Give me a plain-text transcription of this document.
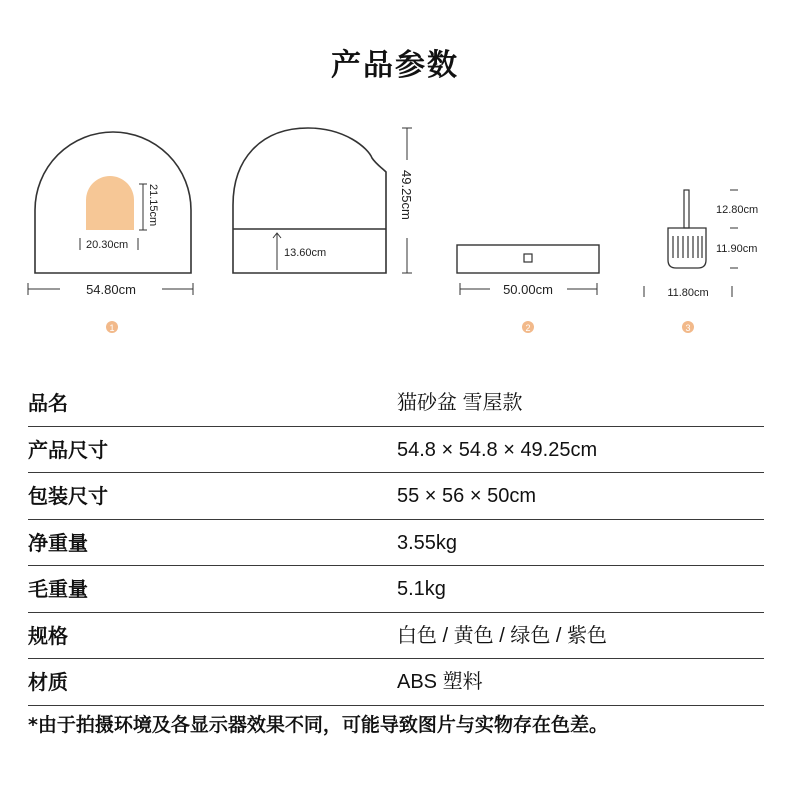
产品参数
21.15cm
20.30cm
54.80cm
1
13.60cm
49.25cm
50.00cm
2
12.80cm
11.90cm
11.80cm
3
品名	猫砂盆 雪屋款
产品尺寸	54.8 × 54.8 × 49.25cm
包装尺寸	55 × 56 × 50cm
净重量	3.55kg
毛重量	5.1kg
规格	白色 / 黄色 / 绿色 / 紫色
材质	ABS 塑料
*由于拍摄环境及各显示器效果不同，可能导致图片与实物存在色差。
